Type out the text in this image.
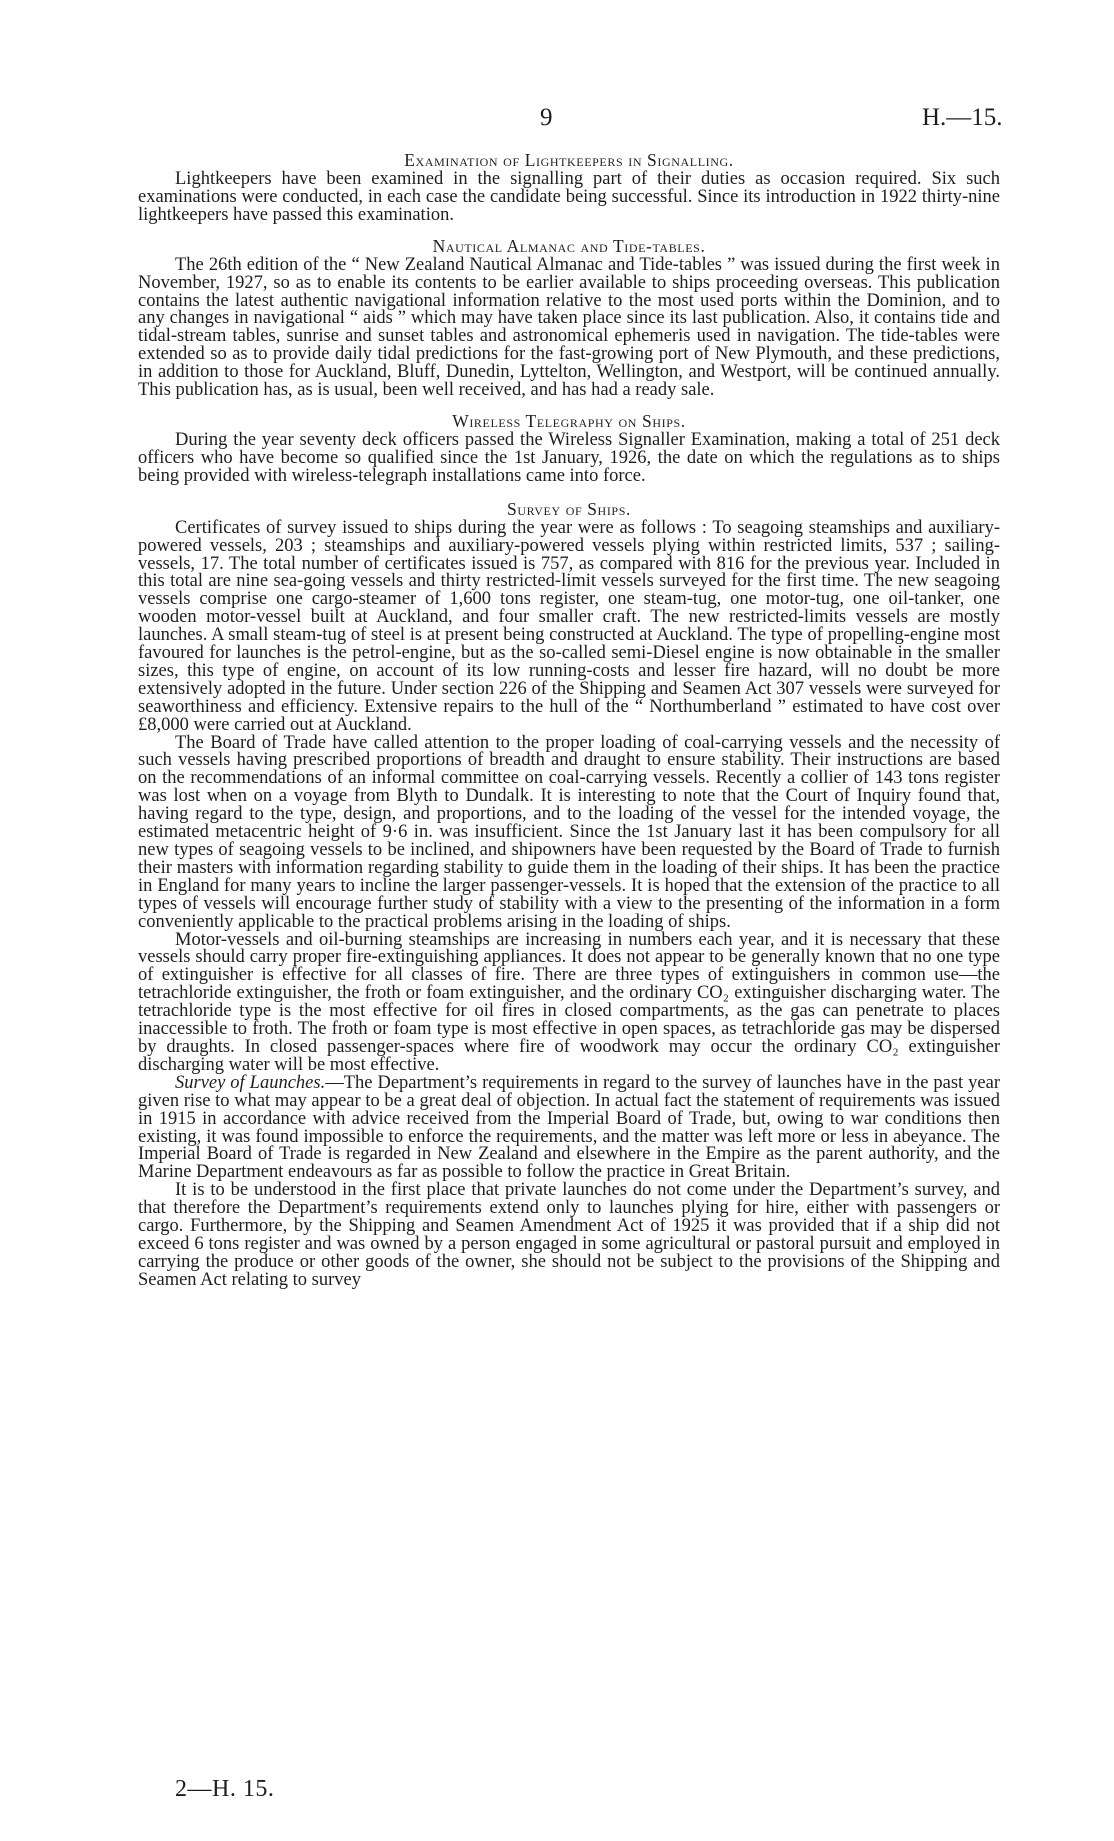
9	H.—15.
Examination of Lightkeepers in Signalling.

Lightkeepers have been examined in the signalling part of their duties as occasion required. Six such examinations were conducted, in each case the candidate being successful. Since its introduction in 1922 thirty-nine lightkeepers have passed this examination.

Nautical Almanac and Tide-tables.

The 26th edition of the “ New Zealand Nautical Almanac and Tide-tables ” was issued during the first week in November, 1927, so as to enable its contents to be earlier available to ships proceeding overseas. This publication contains the latest authentic navigational information relative to the most used ports within the Dominion, and to any changes in navigational “ aids ” which may have taken place since its last publication. Also, it contains tide and tidal-stream tables, sunrise and sunset tables and astronomical ephemeris used in navigation. The tide-tables were extended so as to provide daily tidal predictions for the fast-growing port of New Plymouth, and these predictions, in addition to those for Auckland, Bluff, Dunedin, Lyttelton, Wellington, and Westport, will be continued annually. This publication has, as is usual, been well received, and has had a ready sale.

Wireless Telegraphy on Ships.

During the year seventy deck officers passed the Wireless Signaller Examination, making a total of 251 deck officers who have become so qualified since the 1st January, 1926, the date on which the regulations as to ships being provided with wireless-telegraph installations came into force.

Survey of Ships.

Certificates of survey issued to ships during the year were as follows : To seagoing steamships and auxiliary-powered vessels, 203 ; steamships and auxiliary-powered vessels plying within restricted limits, 537 ; sailing-vessels, 17. The total number of certificates issued is 757, as compared with 816 for the previous year. Included in this total are nine sea-going vessels and thirty restricted-limit vessels surveyed for the first time. The new seagoing vessels comprise one cargo-steamer of 1,600 tons register, one steam-tug, one motor-tug, one oil-tanker, one wooden motor-vessel built at Auckland, and four smaller craft. The new restricted-limits vessels are mostly launches. A small steam-tug of steel is at present being constructed at Auckland. The type of propelling-engine most favoured for launches is the petrol-engine, but as the so-called semi-Diesel engine is now obtainable in the smaller sizes, this type of engine, on account of its low running-costs and lesser fire hazard, will no doubt be more extensively adopted in the future. Under section 226 of the Shipping and Seamen Act 307 vessels were surveyed for seaworthiness and efficiency. Extensive repairs to the hull of the “ Northumberland ” estimated to have cost over £8,000 were carried out at Auckland.

The Board of Trade have called attention to the proper loading of coal-carrying vessels and the necessity of such vessels having prescribed proportions of breadth and draught to ensure stability. Their instructions are based on the recommendations of an informal committee on coal-carrying vessels. Recently a collier of 143 tons register was lost when on a voyage from Blyth to Dundalk. It is interesting to note that the Court of Inquiry found that, having regard to the type, design, and proportions, and to the loading of the vessel for the intended voyage, the estimated metacentric height of 9·6 in. was insufficient. Since the 1st January last it has been compulsory for all new types of seagoing vessels to be inclined, and shipowners have been requested by the Board of Trade to furnish their masters with information regarding stability to guide them in the loading of their ships. It has been the practice in England for many years to incline the larger passenger-vessels. It is hoped that the extension of the practice to all types of vessels will encourage further study of stability with a view to the presenting of the information in a form conveniently applicable to the practical problems arising in the loading of ships.

Motor-vessels and oil-burning steamships are increasing in numbers each year, and it is necessary that these vessels should carry proper fire-extinguishing appliances. It does not appear to be generally known that no one type of extinguisher is effective for all classes of fire. There are three types of extinguishers in common use—the tetrachloride extinguisher, the froth or foam extinguisher, and the ordinary CO₂ extinguisher discharging water. The tetrachloride type is the most effective for oil fires in closed compartments, as the gas can penetrate to places inaccessible to froth. The froth or foam type is most effective in open spaces, as tetrachloride gas may be dispersed by draughts. In closed passenger-spaces where fire of woodwork may occur the ordinary CO₂ extinguisher discharging water will be most effective.

Survey of Launches.—The Department’s requirements in regard to the survey of launches have in the past year given rise to what may appear to be a great deal of objection. In actual fact the statement of requirements was issued in 1915 in accordance with advice received from the Imperial Board of Trade, but, owing to war conditions then existing, it was found impossible to enforce the requirements, and the matter was left more or less in abeyance. The Imperial Board of Trade is regarded in New Zealand and elsewhere in the Empire as the parent authority, and the Marine Department endeavours as far as possible to follow the practice in Great Britain.

It is to be understood in the first place that private launches do not come under the Department’s survey, and that therefore the Department’s requirements extend only to launches plying for hire, either with passengers or cargo. Furthermore, by the Shipping and Seamen Amendment Act of 1925 it was provided that if a ship did not exceed 6 tons register and was owned by a person engaged in some agricultural or pastoral pursuit and employed in carrying the produce or other goods of the owner, she should not be subject to the provisions of the Shipping and Seamen Act relating to survey

2—H. 15.
